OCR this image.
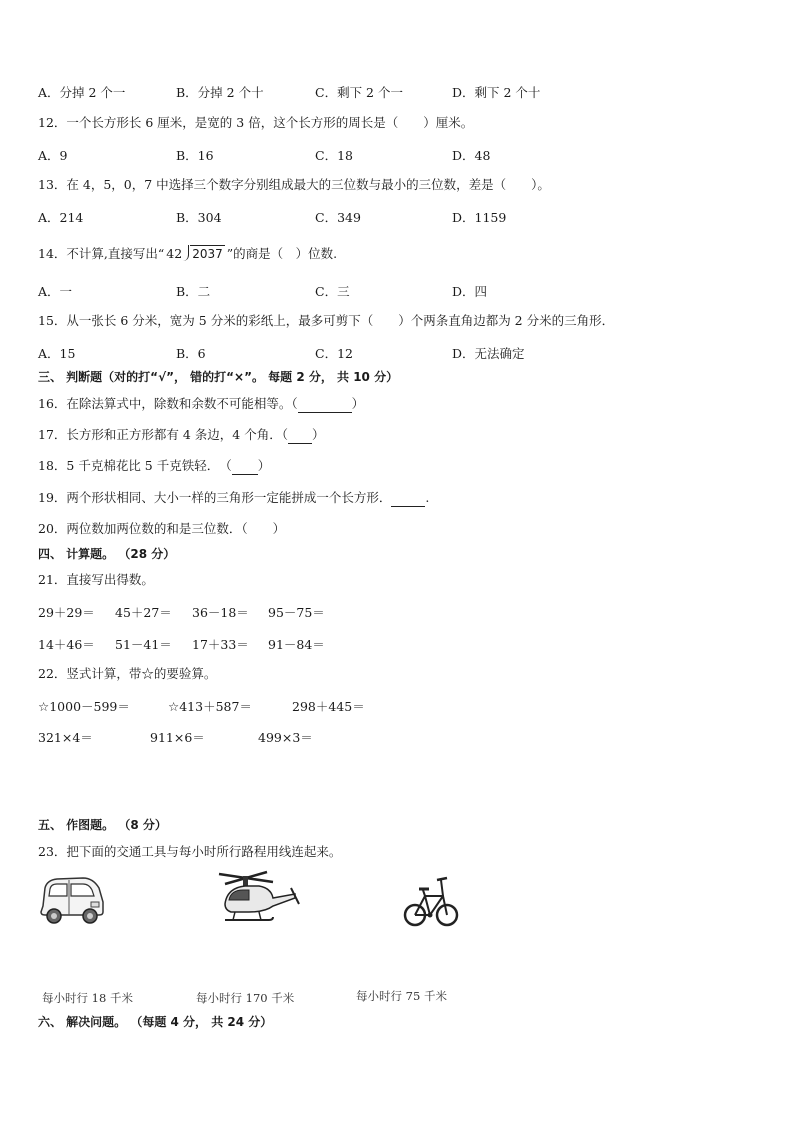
A．分掉 2 个一	B．分掉 2 个十	C．剩下 2 个一	D．剩下 2 个十
12．一个长方形长 6 厘米，是宽的 3 倍，这个长方形的周长是（　　）厘米。
A．9	B．16	C．18	D．48
13．在 4，5，0，7 中选择三个数字分别组成最大的三位数与最小的三位数，差是（　　）。
A．214	B．304	C．349	D．1159
14．不计算,直接写出“ 42 2037 ”的商是（　）位数.
A．一	B．二	C．三	D．四
15．从一张长 6 分米，宽为 5 分米的彩纸上，最多可剪下（　　）个两条直角边都为 2 分米的三角形．
A．15	B．6	C．12	D．无法确定
三、 判断题（对的打“√”， 错的打“×”。 每题 2 分， 共 10 分）
16．在除法算式中，除数和余数不可能相等。（	）
17．长方形和正方形都有 4 条边，4 个角．（ ）
18．5 千克棉花比 5 千克铁轻．　（ ）
19．两个形状相同、大小一样的三角形一定能拼成一个长方形．	.
20．两位数加两位数的和是三位数．（　　）
四、 计算题。 （28 分）
21．直接写出得数。
29＋29＝ 45＋27＝ 36－18＝ 95－75＝
14＋46＝ 51－41＝ 17＋33＝ 91－84＝
22．竖式计算，带☆的要验算。
☆1000－599＝	☆413＋587＝	298＋445＝
321×4＝	911×6＝	499×3＝
五、 作图题。 （8 分）
23．把下面的交通工具与每小时所行路程用线连起来。
每小时行 18 千米	每小时行 170 千米	每小时行 75 千米
六、 解决问题。 （每题 4 分， 共 24 分）
